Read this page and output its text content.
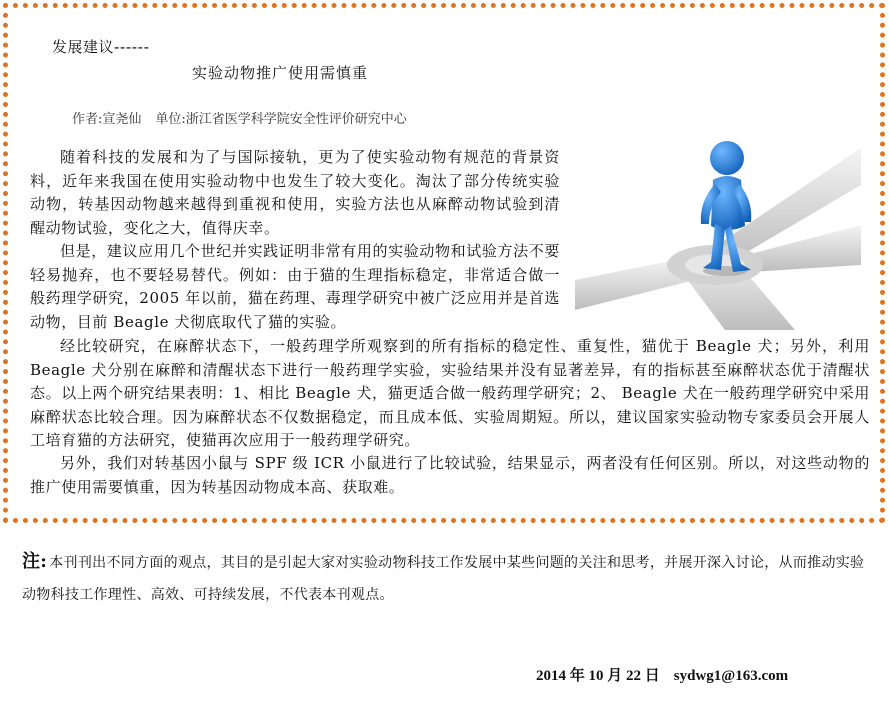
发展建议------
实验动物推广使用需慎重
作者:宣尧仙 单位:浙江省医学科学院安全性评价研究中心

随着科技的发展和为了与国际接轨，更为了使实验动物有规范的背景资料，近年来我国在使用实验动物中也发生了较大变化。淘汰了部分传统实验动物，转基因动物越来越得到重视和使用，实验方法也从麻醉动物试验到清醒动物试验，变化之大，值得庆幸。

但是，建议应用几个世纪并实践证明非常有用的实验动物和试验方法不要轻易抛弃，也不要轻易替代。例如：由于猫的生理指标稳定，非常适合做一般药理学研究，2005 年以前，猫在药理、毒理学研究中被广泛应用并是首选动物，目前 Beagle 犬彻底取代了猫的实验。

经比较研究，在麻醉状态下，一般药理学所观察到的所有指标的稳定性、重复性，猫优于 Beagle 犬；另外，利用 Beagle 犬分别在麻醉和清醒状态下进行一般药理学实验，实验结果并没有显著差异，有的指标甚至麻醉状态优于清醒状态。以上两个研究结果表明：1、相比 Beagle 犬，猫更适合做一般药理学研究；2、 Beagle 犬在一般药理学研究中采用麻醉状态比较合理。因为麻醉状态不仅数据稳定，而且成本低、实验周期短。所以，建议国家实验动物专家委员会开展人工培育猫的方法研究，使猫再次应用于一般药理学研究。

另外，我们对转基因小鼠与 SPF 级 ICR 小鼠进行了比较试验，结果显示，两者没有任何区别。所以，对这些动物的推广使用需要慎重，因为转基因动物成本高、获取难。

注: 本刊刊出不同方面的观点，其目的是引起大家对实验动物科技工作发展中某些问题的关注和思考，并展开深入讨论，从而推动实验动物科技工作理性、高效、可持续发展，不代表本刊观点。

2014 年 10 月 22 日 sydwg1@163.com
